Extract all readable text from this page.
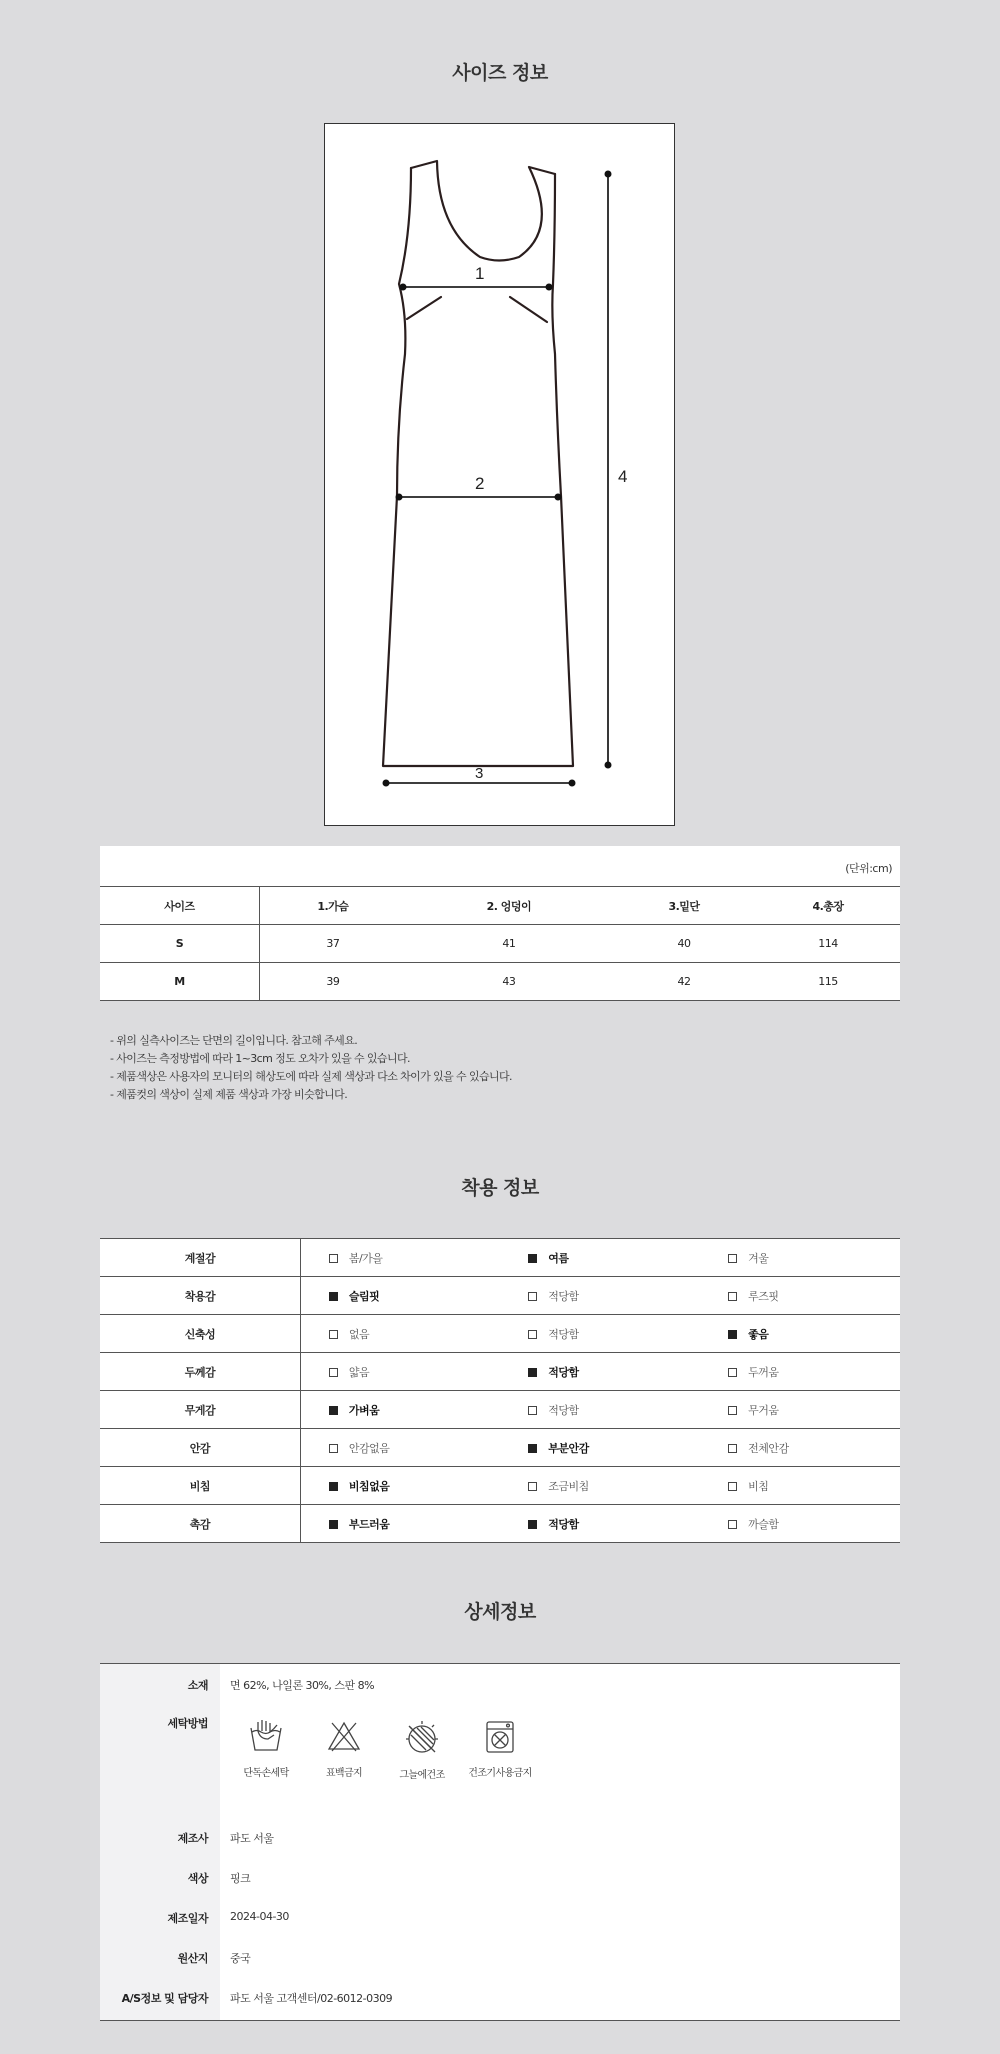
사이즈 정보
1
2
3
4
(단위:cm)
사이즈	1.가슴	2. 엉덩이	3.밑단	4.총장
S	37	41	40	114
M	39	43	42	115
- 위의 실측사이즈는 단면의 길이입니다. 참고해 주세요.
- 사이즈는 측정방법에 따라 1~3cm 정도 오차가 있을 수 있습니다.
- 제품색상은 사용자의 모니터의 해상도에 따라 실제 색상과 다소 차이가 있을 수 있습니다.
- 제품컷의 색상이 실제 제품 색상과 가장 비슷합니다.
착용 정보
계절감	봄/가을	여름	겨울
착용감	슬림핏	적당함	루즈핏
신축성	없음	적당함	좋음
두께감	얇음	적당함	두꺼움
무게감	가벼움	적당함	무거움
안감	안감없음	부분안감	전체안감
비침	비침없음	조금비침	비침
촉감	부드러움	적당함	까슬함
상세정보
소재 면 62%, 나일론 30%, 스판 8%
세탁방법
단독손세탁	표백금지	그늘에건조	건조기사용금지
제조사 파도 서울
색상 핑크
제조일자 2024-04-30
원산지 중국
A/S정보 및 담당자 파도 서울 고객센터/02-6012-0309
